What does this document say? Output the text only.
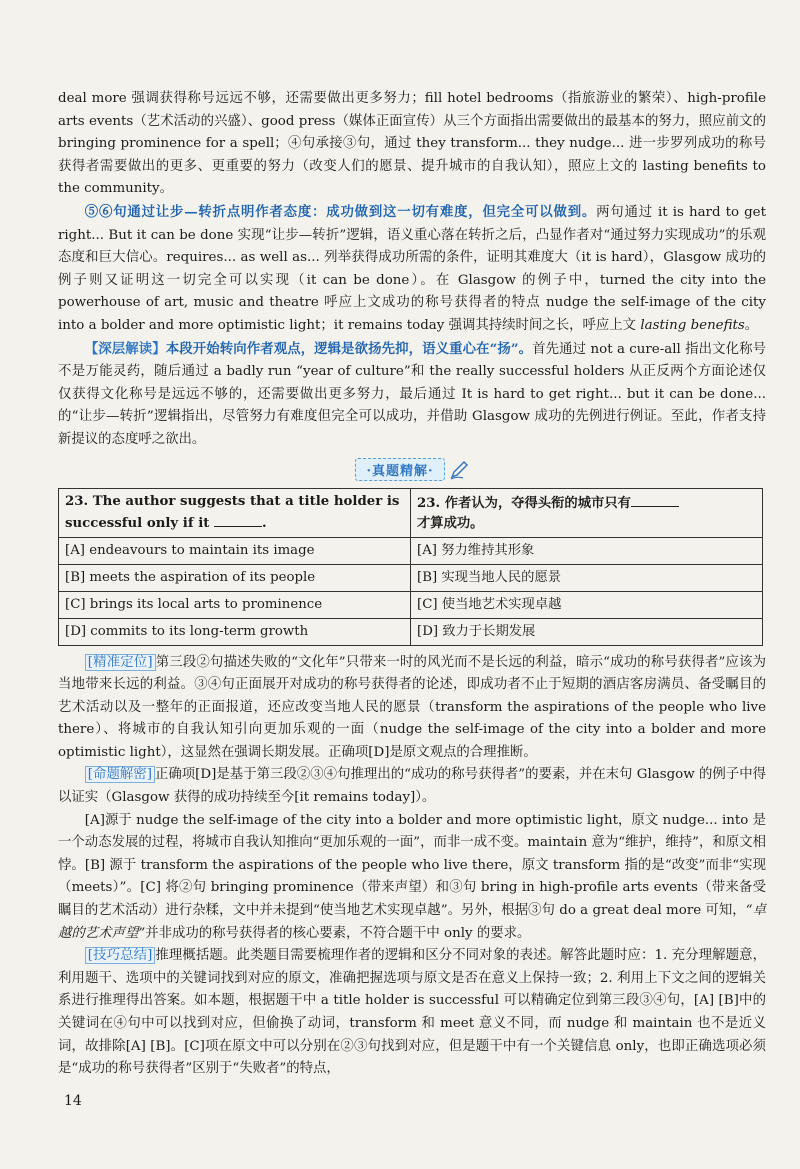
deal more 强调获得称号远远不够，还需要做出更多努力；fill hotel bedrooms（指旅游业的繁荣）、high-profile arts events（艺术活动的兴盛）、good press（媒体正面宣传）从三个方面指出需要做出的最基本的努力，照应前文的 bringing prominence for a spell；④句承接③句，通过 they transform... they nudge... 进一步罗列成功的称号获得者需要做出的更多、更重要的努力（改变人们的愿景、提升城市的自我认知），照应上文的 lasting benefits to the community。

⑤⑥句通过让步—转折点明作者态度：成功做到这一切有难度，但完全可以做到。两句通过 it is hard to get right... But it can be done 实现“让步—转折”逻辑，语义重心落在转折之后，凸显作者对“通过努力实现成功”的乐观态度和巨大信心。requires... as well as... 列举获得成功所需的条件，证明其难度大（it is hard），Glasgow 成功的例子则又证明这一切完全可以实现（it can be done）。在 Glasgow 的例子中，turned the city into the powerhouse of art, music and theatre 呼应上文成功的称号获得者的特点 nudge the self-image of the city into a bolder and more optimistic light；it remains today 强调其持续时间之长，呼应上文 lasting benefits。

【深层解读】本段开始转向作者观点，逻辑是欲扬先抑，语义重心在“扬”。首先通过 not a cure-all 指出文化称号不是万能灵药，随后通过 a badly run “year of culture”和 the really successful holders 从正反两个方面论述仅仅获得文化称号是远远不够的，还需要做出更多努力，最后通过 It is hard to get right... but it can be done... 的“让步—转折”逻辑指出，尽管努力有难度但完全可以成功，并借助 Glasgow 成功的先例进行例证。至此，作者支持新提议的态度呼之欲出。

·真题精解·
23. The author suggests that a title holder is successful only if it .	23. 作者认为，夺得头衔的城市只有
才算成功。
[A] endeavours to maintain its image	[A] 努力维持其形象
[B] meets the aspiration of its people	[B] 实现当地人民的愿景
[C] brings its local arts to prominence	[C] 使当地艺术实现卓越
[D] commits to its long-term growth	[D] 致力于长期发展

[精准定位] 第三段②句描述失败的“文化年”只带来一时的风光而不是长远的利益，暗示“成功的称号获得者”应该为当地带来长远的利益。③④句正面展开对成功的称号获得者的论述，即成功者不止于短期的酒店客房满员、备受瞩目的艺术活动以及一整年的正面报道，还应改变当地人民的愿景（transform the aspirations of the people who live there）、将城市的自我认知引向更加乐观的一面（nudge the self-image of the city into a bolder and more optimistic light），这显然在强调长期发展。正确项[D]是原文观点的合理推断。

[命题解密] 正确项[D]是基于第三段②③④句推理出的“成功的称号获得者”的要素，并在末句 Glasgow 的例子中得以证实（Glasgow 获得的成功持续至今[it remains today]）。

[A]源于 nudge the self-image of the city into a bolder and more optimistic light，原文 nudge... into 是一个动态发展的过程，将城市自我认知推向“更加乐观的一面”，而非一成不变。maintain 意为“维护，维持”，和原文相悖。[B] 源于 transform the aspirations of the people who live there，原文 transform 指的是“改变”而非“实现（meets）”。[C] 将②句 bringing prominence（带来声望）和③句 bring in high-profile arts events（带来备受瞩目的艺术活动）进行杂糅，文中并未提到“使当地艺术实现卓越”。另外，根据③句 do a great deal more 可知，“卓越的艺术声望”并非成功的称号获得者的核心要素，不符合题干中 only 的要求。

[技巧总结] 推理概括题。此类题目需要梳理作者的逻辑和区分不同对象的表述。解答此题时应：1. 充分理解题意，利用题干、选项中的关键词找到对应的原文，准确把握选项与原文是否在意义上保持一致；2. 利用上下文之间的逻辑关系进行推理得出答案。如本题，根据题干中 a title holder is successful 可以精确定位到第三段③④句，[A] [B]中的关键词在④句中可以找到对应，但偷换了动词，transform 和 meet 意义不同，而 nudge 和 maintain 也不是近义词，故排除[A] [B]。[C]项在原文中可以分别在②③句找到对应，但是题干中有一个关键信息 only，也即正确选项必须是“成功的称号获得者”区别于“失败者”的特点，

14
